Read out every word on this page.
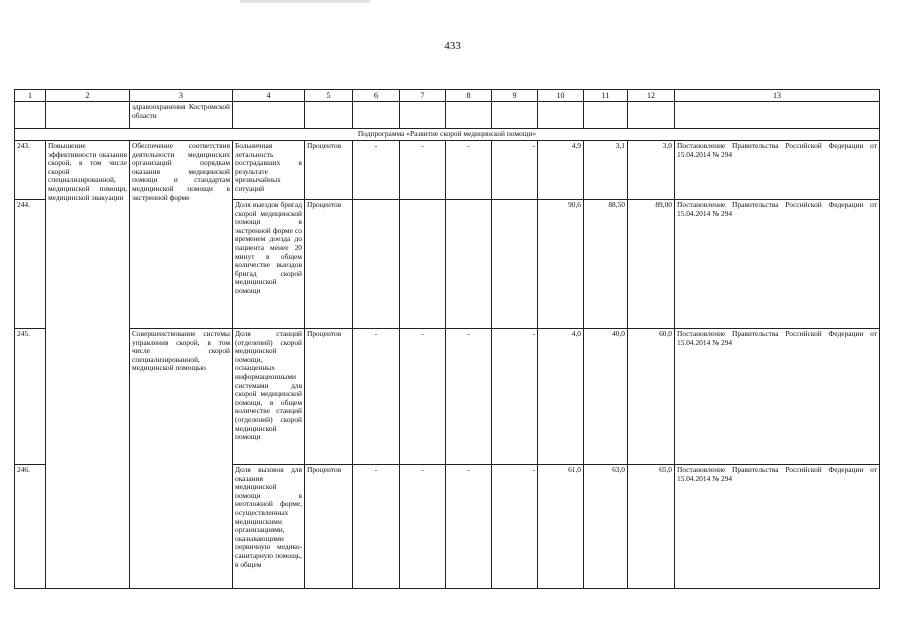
433
1	2	3	4	5	6	7	8	9	10	11	12	13
		здравоохранения Костромской области										
Подпрограмма «Развитие скорой медицинской помощи»												
243.	Повышение эффективности оказания скорой, в том числе скорой специализированной, медицинской помощи, медицинской эвакуации	Обеспечение соответствия деятельности медицинских организаций порядкам оказания медицинской помощи и стандартам медицинской помощи в экстренной форме	Больничная летальность пострадавших в результате чрезвычайных ситуаций	Процентов	-	-	-	-	4,9	3,1	3,0	Постановление Правительства Российской Федерации от 15.04.2014 № 294
244.			Доля выездов бригад скорой медицинской помощи в экстренной форме со временем доезда до пациента менее 20 минут в общем количестве выездов бригад скорой медицинской помощи	Процентов					90,6	88,50	89,00	Постановление Правительства Российской Федерации от 15.04.2014 № 294
245.		Совершенствование системы управления скорой, в том числе скорой специализированной, медицинской помощью	Доля станций (отделений) скорой медицинской помощи, оснащенных информационными системами для скорой медицинской помощи, в общем количестве станций (отделений) скорой медицинской помощи	Процентов	-	-	-	-	4,0	40,0	60,0	Постановление Правительства Российской Федерации от 15.04.2014 № 294
246.			Доля вызовов для оказания медицинской помощи в неотложной форме, осуществленных медицинскими организациями, оказывающими первичную медико-санитарную помощь, в общем	Процентов	-	-	-	-	61,0	63,0	65,0	Постановление Правительства Российской Федерации от 15.04.2014 № 294
